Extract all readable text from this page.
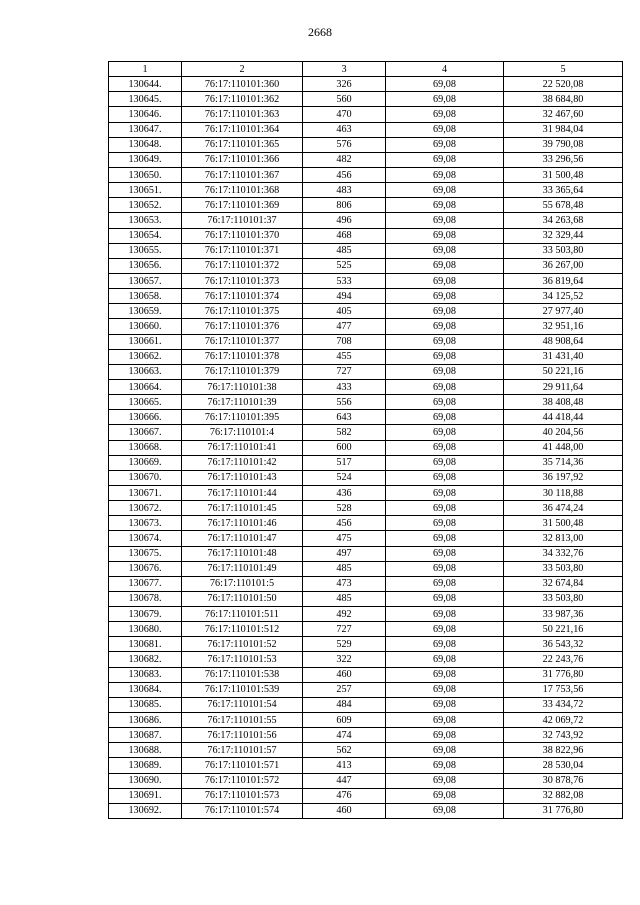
2668
1	2	3	4	5
130644.	76:17:110101:360	326	69,08	22 520,08
130645.	76:17:110101:362	560	69,08	38 684,80
130646.	76:17:110101:363	470	69,08	32 467,60
130647.	76:17:110101:364	463	69,08	31 984,04
130648.	76:17:110101:365	576	69,08	39 790,08
130649.	76:17:110101:366	482	69,08	33 296,56
130650.	76:17:110101:367	456	69,08	31 500,48
130651.	76:17:110101:368	483	69,08	33 365,64
130652.	76:17:110101:369	806	69,08	55 678,48
130653.	76:17:110101:37	496	69,08	34 263,68
130654.	76:17:110101:370	468	69,08	32 329,44
130655.	76:17:110101:371	485	69,08	33 503,80
130656.	76:17:110101:372	525	69,08	36 267,00
130657.	76:17:110101:373	533	69,08	36 819,64
130658.	76:17:110101:374	494	69,08	34 125,52
130659.	76:17:110101:375	405	69,08	27 977,40
130660.	76:17:110101:376	477	69,08	32 951,16
130661.	76:17:110101:377	708	69,08	48 908,64
130662.	76:17:110101:378	455	69,08	31 431,40
130663.	76:17:110101:379	727	69,08	50 221,16
130664.	76:17:110101:38	433	69,08	29 911,64
130665.	76:17:110101:39	556	69,08	38 408,48
130666.	76:17:110101:395	643	69,08	44 418,44
130667.	76:17:110101:4	582	69,08	40 204,56
130668.	76:17:110101:41	600	69,08	41 448,00
130669.	76:17:110101:42	517	69,08	35 714,36
130670.	76:17:110101:43	524	69,08	36 197,92
130671.	76:17:110101:44	436	69,08	30 118,88
130672.	76:17:110101:45	528	69,08	36 474,24
130673.	76:17:110101:46	456	69,08	31 500,48
130674.	76:17:110101:47	475	69,08	32 813,00
130675.	76:17:110101:48	497	69,08	34 332,76
130676.	76:17:110101:49	485	69,08	33 503,80
130677.	76:17:110101:5	473	69,08	32 674,84
130678.	76:17:110101:50	485	69,08	33 503,80
130679.	76:17:110101:511	492	69,08	33 987,36
130680.	76:17:110101:512	727	69,08	50 221,16
130681.	76:17:110101:52	529	69,08	36 543,32
130682.	76:17:110101:53	322	69,08	22 243,76
130683.	76:17:110101:538	460	69,08	31 776,80
130684.	76:17:110101:539	257	69,08	17 753,56
130685.	76:17:110101:54	484	69,08	33 434,72
130686.	76:17:110101:55	609	69,08	42 069,72
130687.	76:17:110101:56	474	69,08	32 743,92
130688.	76:17:110101:57	562	69,08	38 822,96
130689.	76:17:110101:571	413	69,08	28 530,04
130690.	76:17:110101:572	447	69,08	30 878,76
130691.	76:17:110101:573	476	69,08	32 882,08
130692.	76:17:110101:574	460	69,08	31 776,80
